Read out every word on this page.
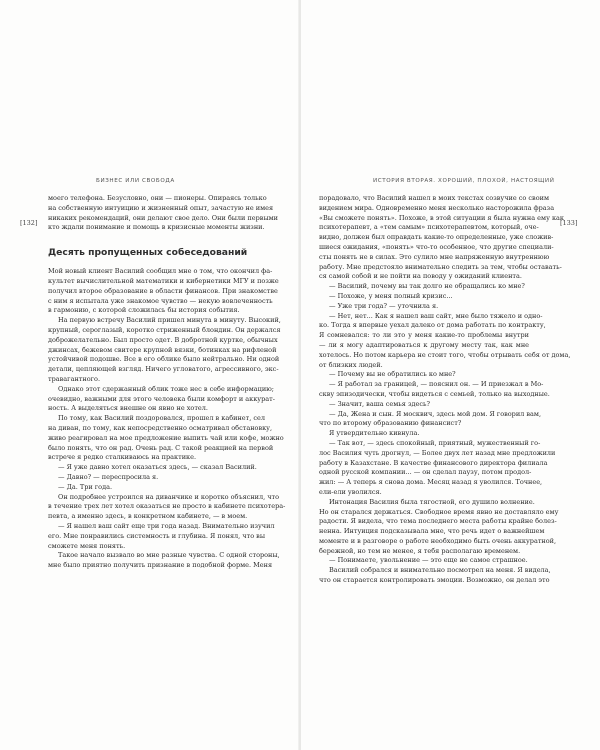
БИЗНЕС ИЛИ СВОБОДА
[132]
моего телефона. Безусловно, они — пионеры. Опираясь только
на собственную интуицию и жизненный опыт, зачастую не имея
никаких рекомендаций, они делают свое дело. Они были первыми
кто ждали понимание и помощь в кризисные моменты жизни.
Десять пропущенных собеседований
Мой новый клиент Василий сообщил мне о том, что окончил фа-
культет вычислительной математики и кибернетики МГУ и позже
получил второе образование в области финансов. При знакомстве
с ним я испытала уже знакомое чувство — некую вовлеченность
в гармонию, с которой сложилась бы история события.
На первую встречу Василий пришел минута в минуту. Высокий,
крупный, сероглазый, коротко стриженный блондин. Он держался
доброжелательно. Был просто одет. В добротной куртке, обычных
джинсах, бежевом свитере крупной вязки, ботинках на рифленой
устойчивой подошве. Все в его облике было нейтрально. Ни одной
детали, цепляющей взгляд. Ничего угловатого, агрессивного, экс-
травагантного.
Однако этот сдержанный облик тоже нес в себе информацию;
очевидно, важными для этого человека были комфорт и аккурат-
ность. А выделяться внешне он явно не хотел.
По тому, как Василий поздоровался, прошел в кабинет, сел
на диван, по тому, как непосредственно осматривал обстановку,
живо реагировал на мое предложение выпить чай или кофе, можно
было понять, что он рад. Очень рад. С такой реакцией на первой
встрече я редко сталкиваюсь на практике.
— Я уже давно хотел оказаться здесь, — сказал Василий.
— Давно? — переспросила я.
— Да. Три года.
Он подробнее устроился на диванчике и коротко объяснил, что
в течение трех лет хотел оказаться не просто в кабинете психотера-
певта, а именно здесь, в конкретном кабинете, — в моем.
— Я нашел ваш сайт еще три года назад. Внимательно изучил
его. Мне понравились системность и глубина. Я понял, что вы
сможете меня понять.
Такое начало вызвало во мне разные чувства. С одной стороны,
мне было приятно получить признание в подобной форме. Меня
ИСТОРИЯ ВТОРАЯ. ХОРОШИЙ, ПЛОХОЙ, НАСТОЯЩИЙ
[133]
порадовало, что Василий нашел в моих текстах созвучие со своим
видением мира. Одновременно меня несколько насторожила фраза
«Вы сможете понять». Похоже, в этой ситуации я была нужна ему как
психотерапевт, а «тем самым» психотерапевтом, который, оче-
видно, должен был оправдать какие-то определенные, уже сложив-
шиеся ожидания, «понять» что-то особенное, что другие специали-
сты понять не в силах. Это сулило мне напряженную внутреннюю
работу. Мне предстояло внимательно следить за тем, чтобы оставать-
ся самой собой и не пойти на поводу у ожиданий клиента.
— Василий, почему вы так долго не обращались ко мне?
— Похоже, у меня полный кризис...
— Уже три года? — уточнила я.
— Нет, нет... Как я нашел ваш сайт, мне было тяжело и одно-
ко. Тогда я впервые уехал далеко от дома работать по контракту,
Я сомневался: то ли это у меня какие-то проблемы внутри
— ли я могу адаптироваться к другому месту так, как мне
хотелось. Но потом карьера не стоит того, чтобы отрывать себя от дома,
от близких людей.
— Почему вы не обратились ко мне?
— Я работал за границей, — пояснил он. — И приезжал в Мо-
скву эпизодически, чтобы видеться с семьей, только на выходные.
— Значит, ваша семья здесь?
— Да, Жена и сын. Я москвич, здесь мой дом. Я говорил вам,
что по второму образованию финансист?
Я утвердительно кивнула.
— Так вот, — здесь спокойный, приятный, мужественный го-
лос Василия чуть дрогнул, — Более двух лет назад мне предложили
работу в Казахстане. В качестве финансового директора филиала
одной русской компании... — он сделал паузу, потом продол-
жил: — А теперь я снова дома. Месяц назад я уволился. Точнее,
ели-ели уволился.
Интонация Василия была тягостной, его душило волнение.
Но он старался держаться. Свободное время явно не доставляло ему
радости. Я видела, что тема последнего места работы крайне болез-
ненна. Интуиция подсказывала мне, что речь идет о важнейшем
моменте и в разговоре о работе необходимо быть очень аккуратной,
бережной, но тем не менее, я тебя располагаю временем.
— Понимаете, увольнение — это еще не самое страшное.
Василий собрался и внимательно посмотрел на меня. Я видела,
что он старается контролировать эмоции. Возможно, он делал это
